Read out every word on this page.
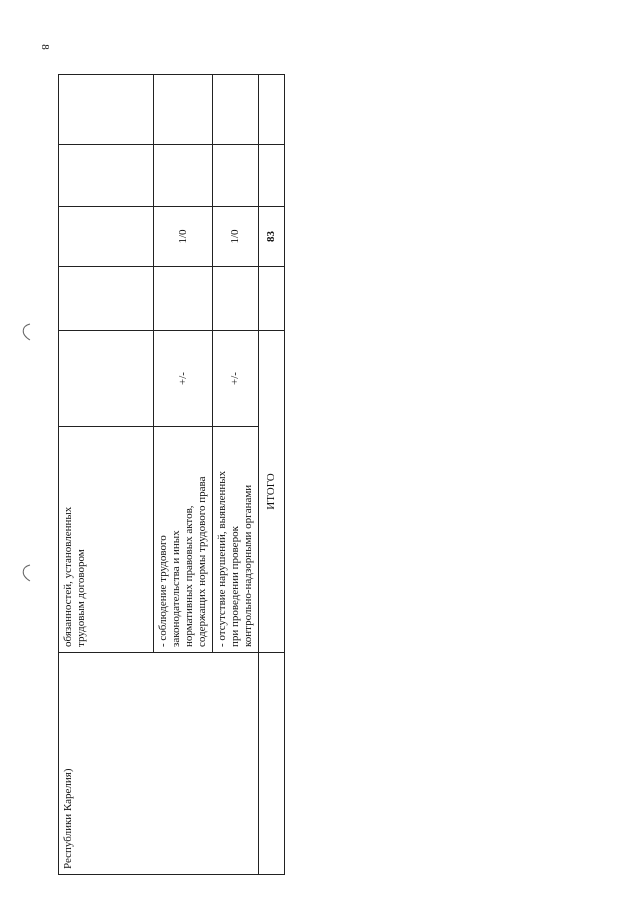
8
Республики Карелия)	обязанностей, установленных трудовым договором					

	- соблюдение трудового законодательства и иных нормативных правовых актов, содержащих нормы трудового права	+/-		1/0		

	- отсутствие нарушений, выявленных при проведении проверок контрольно-надзорными органами	+/-		1/0		
	ИТОГО			83		
